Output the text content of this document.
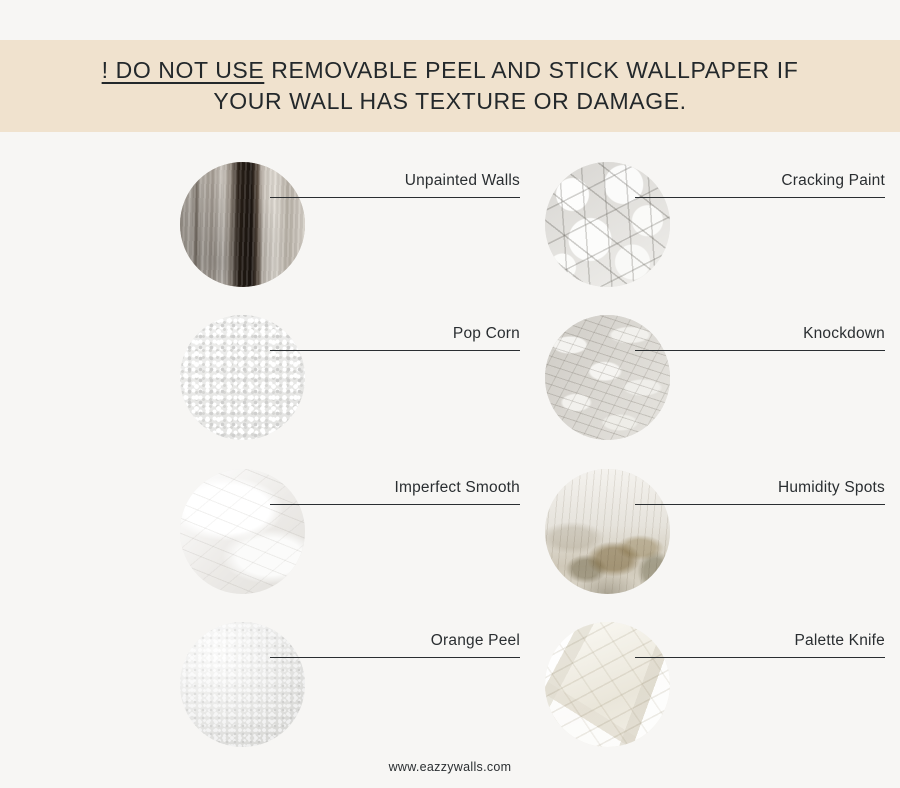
! DO NOT USE REMOVABLE PEEL AND STICK WALLPAPER IF YOUR WALL HAS TEXTURE OR DAMAGE.
Unpainted Walls	Cracking Paint
Pop Corn	Knockdown
Imperfect Smooth	Humidity Spots
Orange Peel	Palette Knife
www.eazzywalls.com
